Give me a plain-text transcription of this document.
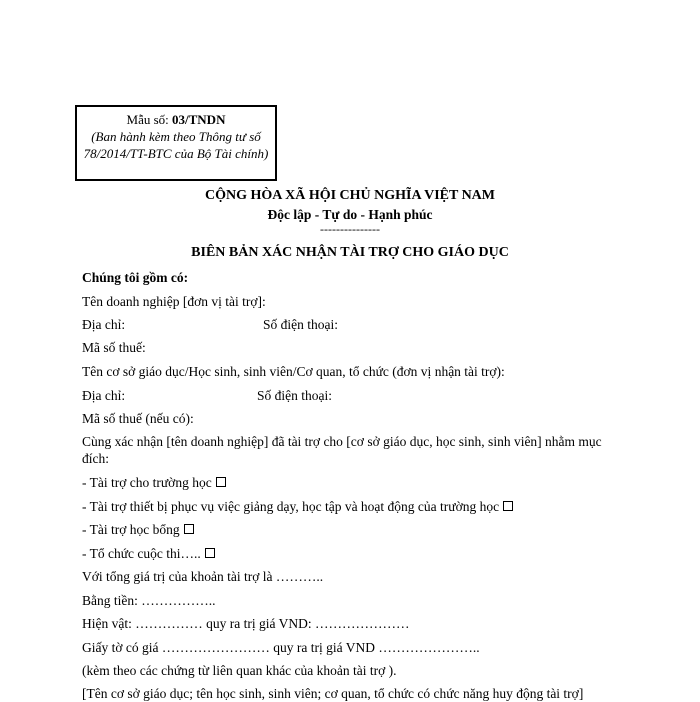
Mẫu số: 03/TNDN
(Ban hành kèm theo Thông tư số 78/2014/TT-BTC của Bộ Tài chính)
CỘNG HÒA XÃ HỘI CHỦ NGHĨA VIỆT NAM
Độc lập - Tự do - Hạnh phúc
---------------
BIÊN BẢN XÁC NHẬN TÀI TRỢ CHO GIÁO DỤC
Chúng tôi gồm có:
Tên doanh nghiệp [đơn vị tài trợ]:
Địa chỉ:	Số điện thoại:
Mã số thuế:
Tên cơ sở giáo dục/Học sinh, sinh viên/Cơ quan, tổ chức (đơn vị nhận tài trợ):
Địa chỉ:	Số điện thoại:
Mã số thuế (nếu có):
Cùng xác nhận [tên doanh nghiệp] đã tài trợ cho [cơ sở giáo dục, học sinh, sinh viên] nhằm mục
đích:
- Tài trợ cho trường học
- Tài trợ thiết bị phục vụ việc giảng dạy, học tập và hoạt động của trường học
- Tài trợ học bổng
- Tổ chức cuộc thi…..
Với tổng giá trị của khoản tài trợ là ………..
Bằng tiền: ……………..
Hiện vật: …………… quy ra trị giá VND: …………………
Giấy tờ có giá …………………… quy ra trị giá VND …………………..
(kèm theo các chứng từ liên quan khác của khoản tài trợ ).
[Tên cơ sở giáo dục; tên học sinh, sinh viên; cơ quan, tổ chức có chức năng huy động tài trợ]
